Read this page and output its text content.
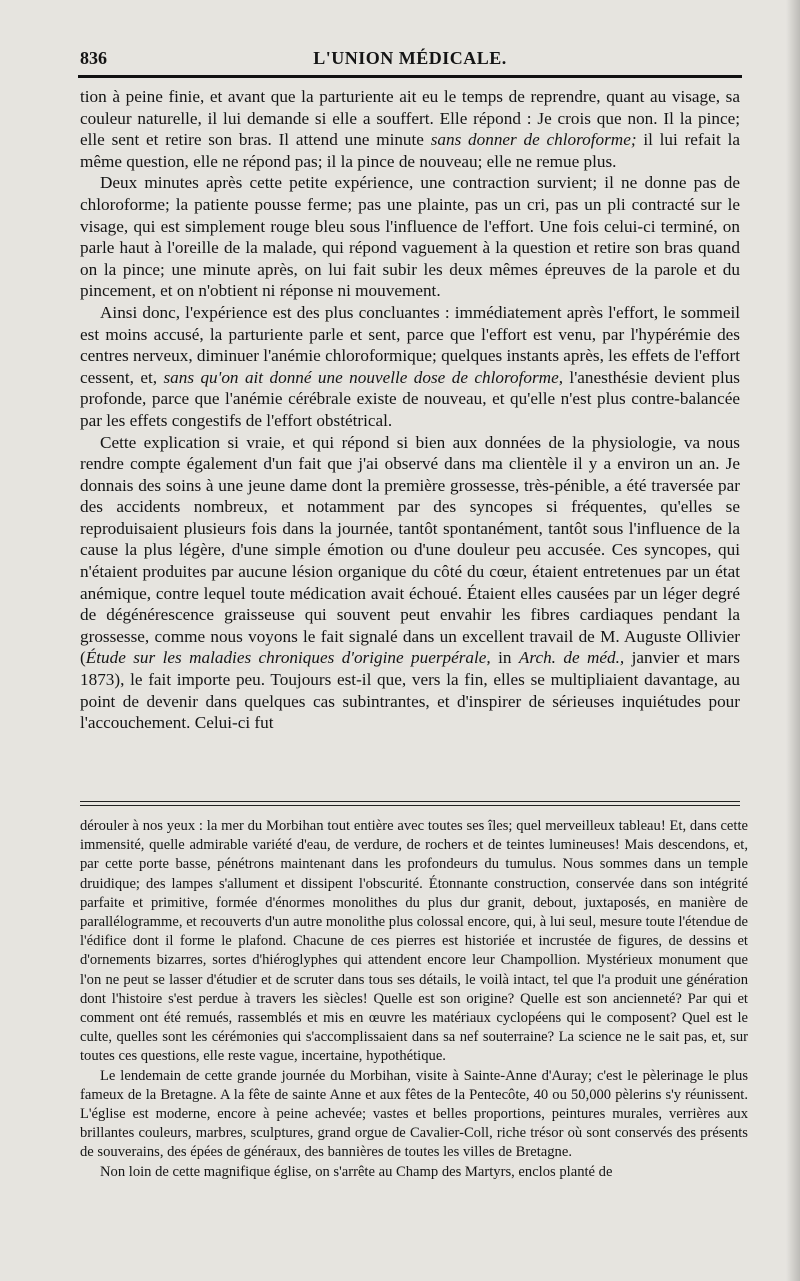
836	L'UNION MÉDICALE.

tion à peine finie, et avant que la parturiente ait eu le temps de reprendre, quant au visage, sa couleur naturelle, il lui demande si elle a souffert. Elle répond : Je crois que non. Il la pince; elle sent et retire son bras. Il attend une minute sans donner de chloroforme; il lui refait la même question, elle ne répond pas; il la pince de nouveau; elle ne remue plus.

Deux minutes après cette petite expérience, une contraction survient; il ne donne pas de chloroforme; la patiente pousse ferme; pas une plainte, pas un cri, pas un pli contracté sur le visage, qui est simplement rouge bleu sous l'influence de l'effort. Une fois celui-ci terminé, on parle haut à l'oreille de la malade, qui répond vaguement à la question et retire son bras quand on la pince; une minute après, on lui fait subir les deux mêmes épreuves de la parole et du pincement, et on n'obtient ni réponse ni mouvement.

Ainsi donc, l'expérience est des plus concluantes : immédiatement après l'effort, le sommeil est moins accusé, la parturiente parle et sent, parce que l'effort est venu, par l'hypérémie des centres nerveux, diminuer l'anémie chloroformique; quelques instants après, les effets de l'effort cessent, et, sans qu'on ait donné une nouvelle dose de chloroforme, l'anesthésie devient plus profonde, parce que l'anémie cérébrale existe de nouveau, et qu'elle n'est plus contre-balancée par les effets congestifs de l'effort obstétrical.

Cette explication si vraie, et qui répond si bien aux données de la physiologie, va nous rendre compte également d'un fait que j'ai observé dans ma clientèle il y a environ un an. Je donnais des soins à une jeune dame dont la première grossesse, très-pénible, a été traversée par des accidents nombreux, et notamment par des syncopes si fréquentes, qu'elles se reproduisaient plusieurs fois dans la journée, tantôt spontanément, tantôt sous l'influence de la cause la plus légère, d'une simple émotion ou d'une douleur peu accusée. Ces syncopes, qui n'étaient produites par aucune lésion organique du côté du cœur, étaient entretenues par un état anémique, contre lequel toute médication avait échoué. Étaient elles causées par un léger degré de dégénérescence graisseuse qui souvent peut envahir les fibres cardiaques pendant la grossesse, comme nous voyons le fait signalé dans un excellent travail de M. Auguste Ollivier (Étude sur les maladies chroniques d'origine puerpérale, in Arch. de méd., janvier et mars 1873), le fait importe peu. Toujours est-il que, vers la fin, elles se multipliaient davantage, au point de devenir dans quelques cas subintrantes, et d'inspirer de sérieuses inquiétudes pour l'accouchement. Celui-ci fut

dérouler à nos yeux : la mer du Morbihan tout entière avec toutes ses îles; quel merveilleux tableau! Et, dans cette immensité, quelle admirable variété d'eau, de verdure, de rochers et de teintes lumineuses! Mais descendons, et, par cette porte basse, pénétrons maintenant dans les profondeurs du tumulus. Nous sommes dans un temple druidique; des lampes s'allument et dissipent l'obscurité. Étonnante construction, conservée dans son intégrité parfaite et primitive, formée d'énormes monolithes du plus dur granit, debout, juxtaposés, en manière de parallélogramme, et recouverts d'un autre monolithe plus colossal encore, qui, à lui seul, mesure toute l'étendue de l'édifice dont il forme le plafond. Chacune de ces pierres est historiée et incrustée de figures, de dessins et d'ornements bizarres, sortes d'hiéroglyphes qui attendent encore leur Champollion. Mystérieux monument que l'on ne peut se lasser d'étudier et de scruter dans tous ses détails, le voilà intact, tel que l'a produit une génération dont l'histoire s'est perdue à travers les siècles! Quelle est son origine? Quelle est son ancienneté? Par qui et comment ont été remués, rassemblés et mis en œuvre les matériaux cyclopéens qui le composent? Quel est le culte, quelles sont les cérémonies qui s'accomplissaient dans sa nef souterraine? La science ne le sait pas, et, sur toutes ces questions, elle reste vague, incertaine, hypothétique.

Le lendemain de cette grande journée du Morbihan, visite à Sainte-Anne d'Auray; c'est le pèlerinage le plus fameux de la Bretagne. A la fête de sainte Anne et aux fêtes de la Pentecôte, 40 ou 50,000 pèlerins s'y réunissent. L'église est moderne, encore à peine achevée; vastes et belles proportions, peintures murales, verrières aux brillantes couleurs, marbres, sculptures, grand orgue de Cavalier-Coll, riche trésor où sont conservés des présents de souverains, des épées de généraux, des bannières de toutes les villes de Bretagne.

Non loin de cette magnifique église, on s'arrête au Champ des Martyrs, enclos planté de
